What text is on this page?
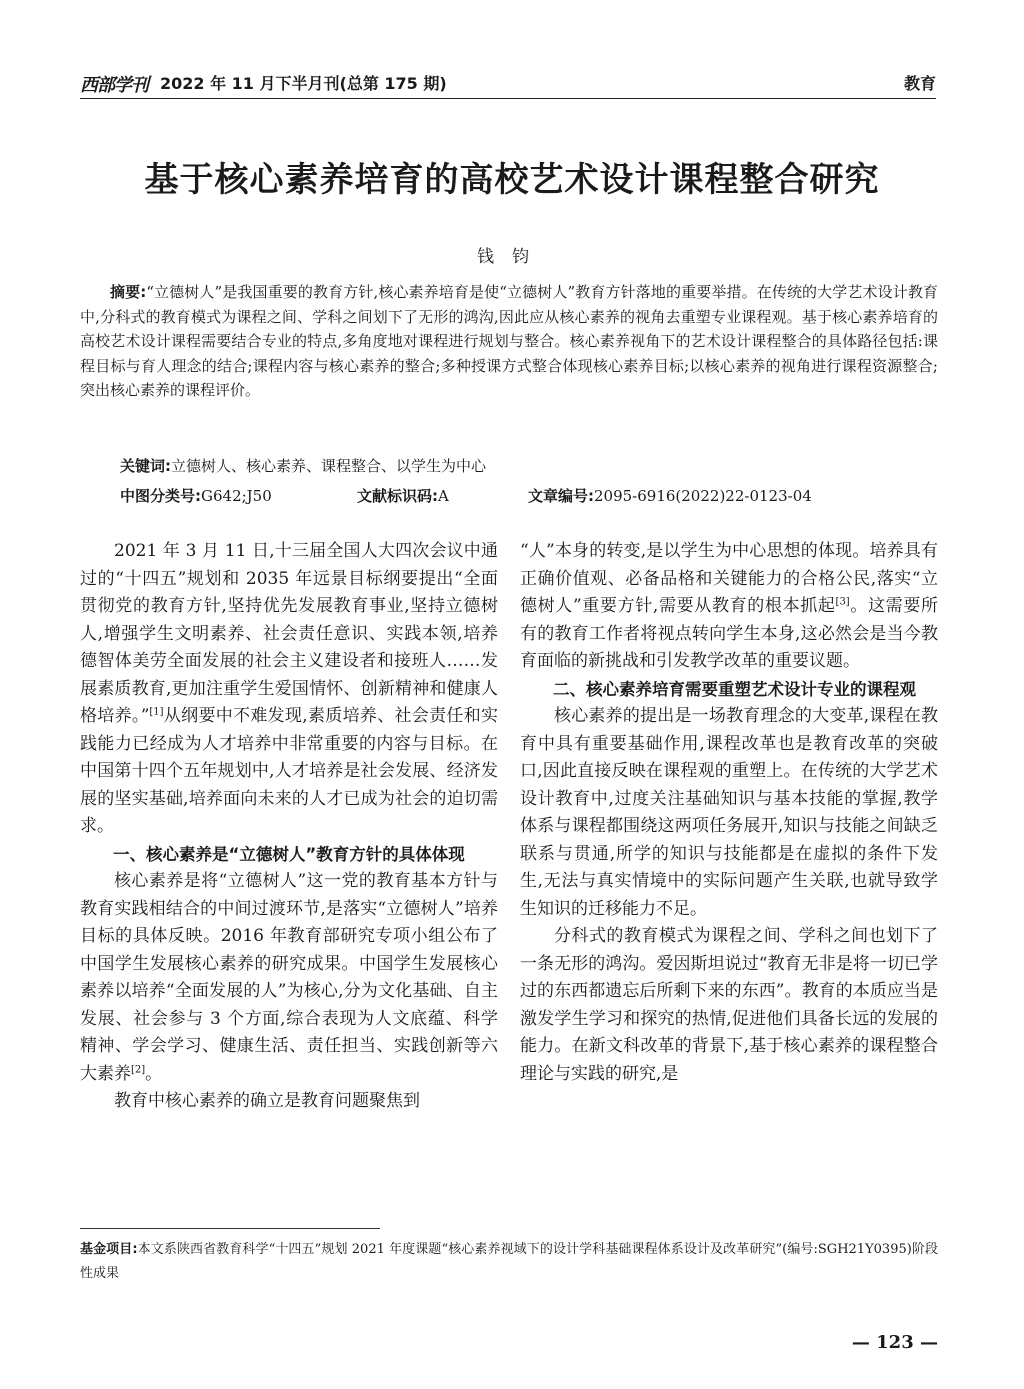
西部学刊 2022 年 11 月下半月刊(总第 175 期)	教育
基于核心素养培育的高校艺术设计课程整合研究
钱钧
摘要:“立德树人”是我国重要的教育方针,核心素养培育是使“立德树人”教育方针落地的重要举措。在传统的大学艺术设计教育中,分科式的教育模式为课程之间、学科之间划下了无形的鸿沟,因此应从核心素养的视角去重塑专业课程观。基于核心素养培育的高校艺术设计课程需要结合专业的特点,多角度地对课程进行规划与整合。核心素养视角下的艺术设计课程整合的具体路径包括:课程目标与育人理念的结合;课程内容与核心素养的整合;多种授课方式整合体现核心素养目标;以核心素养的视角进行课程资源整合;突出核心素养的课程评价。
关键词:立德树人、核心素养、课程整合、以学生为中心
中图分类号:G642;J50	文献标识码:A	文章编号:2095-6916(2022)22-0123-04

2021 年 3 月 11 日,十三届全国人大四次会议中通过的“十四五”规划和 2035 年远景目标纲要提出“全面贯彻党的教育方针,坚持优先发展教育事业,坚持立德树人,增强学生文明素养、社会责任意识、实践本领,培养德智体美劳全面发展的社会主义建设者和接班人……发展素质教育,更加注重学生爱国情怀、创新精神和健康人格培养。”[1]从纲要中不难发现,素质培养、社会责任和实践能力已经成为人才培养中非常重要的内容与目标。在中国第十四个五年规划中,人才培养是社会发展、经济发展的坚实基础,培养面向未来的人才已成为社会的迫切需求。

一、核心素养是“立德树人”教育方针的具体体现

核心素养是将“立德树人”这一党的教育基本方针与教育实践相结合的中间过渡环节,是落实“立德树人”培养目标的具体反映。2016 年教育部研究专项小组公布了中国学生发展核心素养的研究成果。中国学生发展核心素养以培养“全面发展的人”为核心,分为文化基础、自主发展、社会参与 3 个方面,综合表现为人文底蕴、科学精神、学会学习、健康生活、责任担当、实践创新等六大素养[2]。

教育中核心素养的确立是教育问题聚焦到

“人”本身的转变,是以学生为中心思想的体现。培养具有正确价值观、必备品格和关键能力的合格公民,落实“立德树人”重要方针,需要从教育的根本抓起[3]。这需要所有的教育工作者将视点转向学生本身,这必然会是当今教育面临的新挑战和引发教学改革的重要议题。

二、核心素养培育需要重塑艺术设计专业的课程观

核心素养的提出是一场教育理念的大变革,课程在教育中具有重要基础作用,课程改革也是教育改革的突破口,因此直接反映在课程观的重塑上。在传统的大学艺术设计教育中,过度关注基础知识与基本技能的掌握,教学体系与课程都围绕这两项任务展开,知识与技能之间缺乏联系与贯通,所学的知识与技能都是在虚拟的条件下发生,无法与真实情境中的实际问题产生关联,也就导致学生知识的迁移能力不足。

分科式的教育模式为课程之间、学科之间也划下了一条无形的鸿沟。爱因斯坦说过“教育无非是将一切已学过的东西都遗忘后所剩下来的东西”。教育的本质应当是激发学生学习和探究的热情,促进他们具备长远的发展的能力。在新文科改革的背景下,基于核心素养的课程整合理论与实践的研究,是

基金项目:本文系陕西省教育科学“十四五”规划 2021 年度课题“核心素养视域下的设计学科基础课程体系设计及改革研究”(编号:SGH21Y0395)阶段性成果
— 123 —
